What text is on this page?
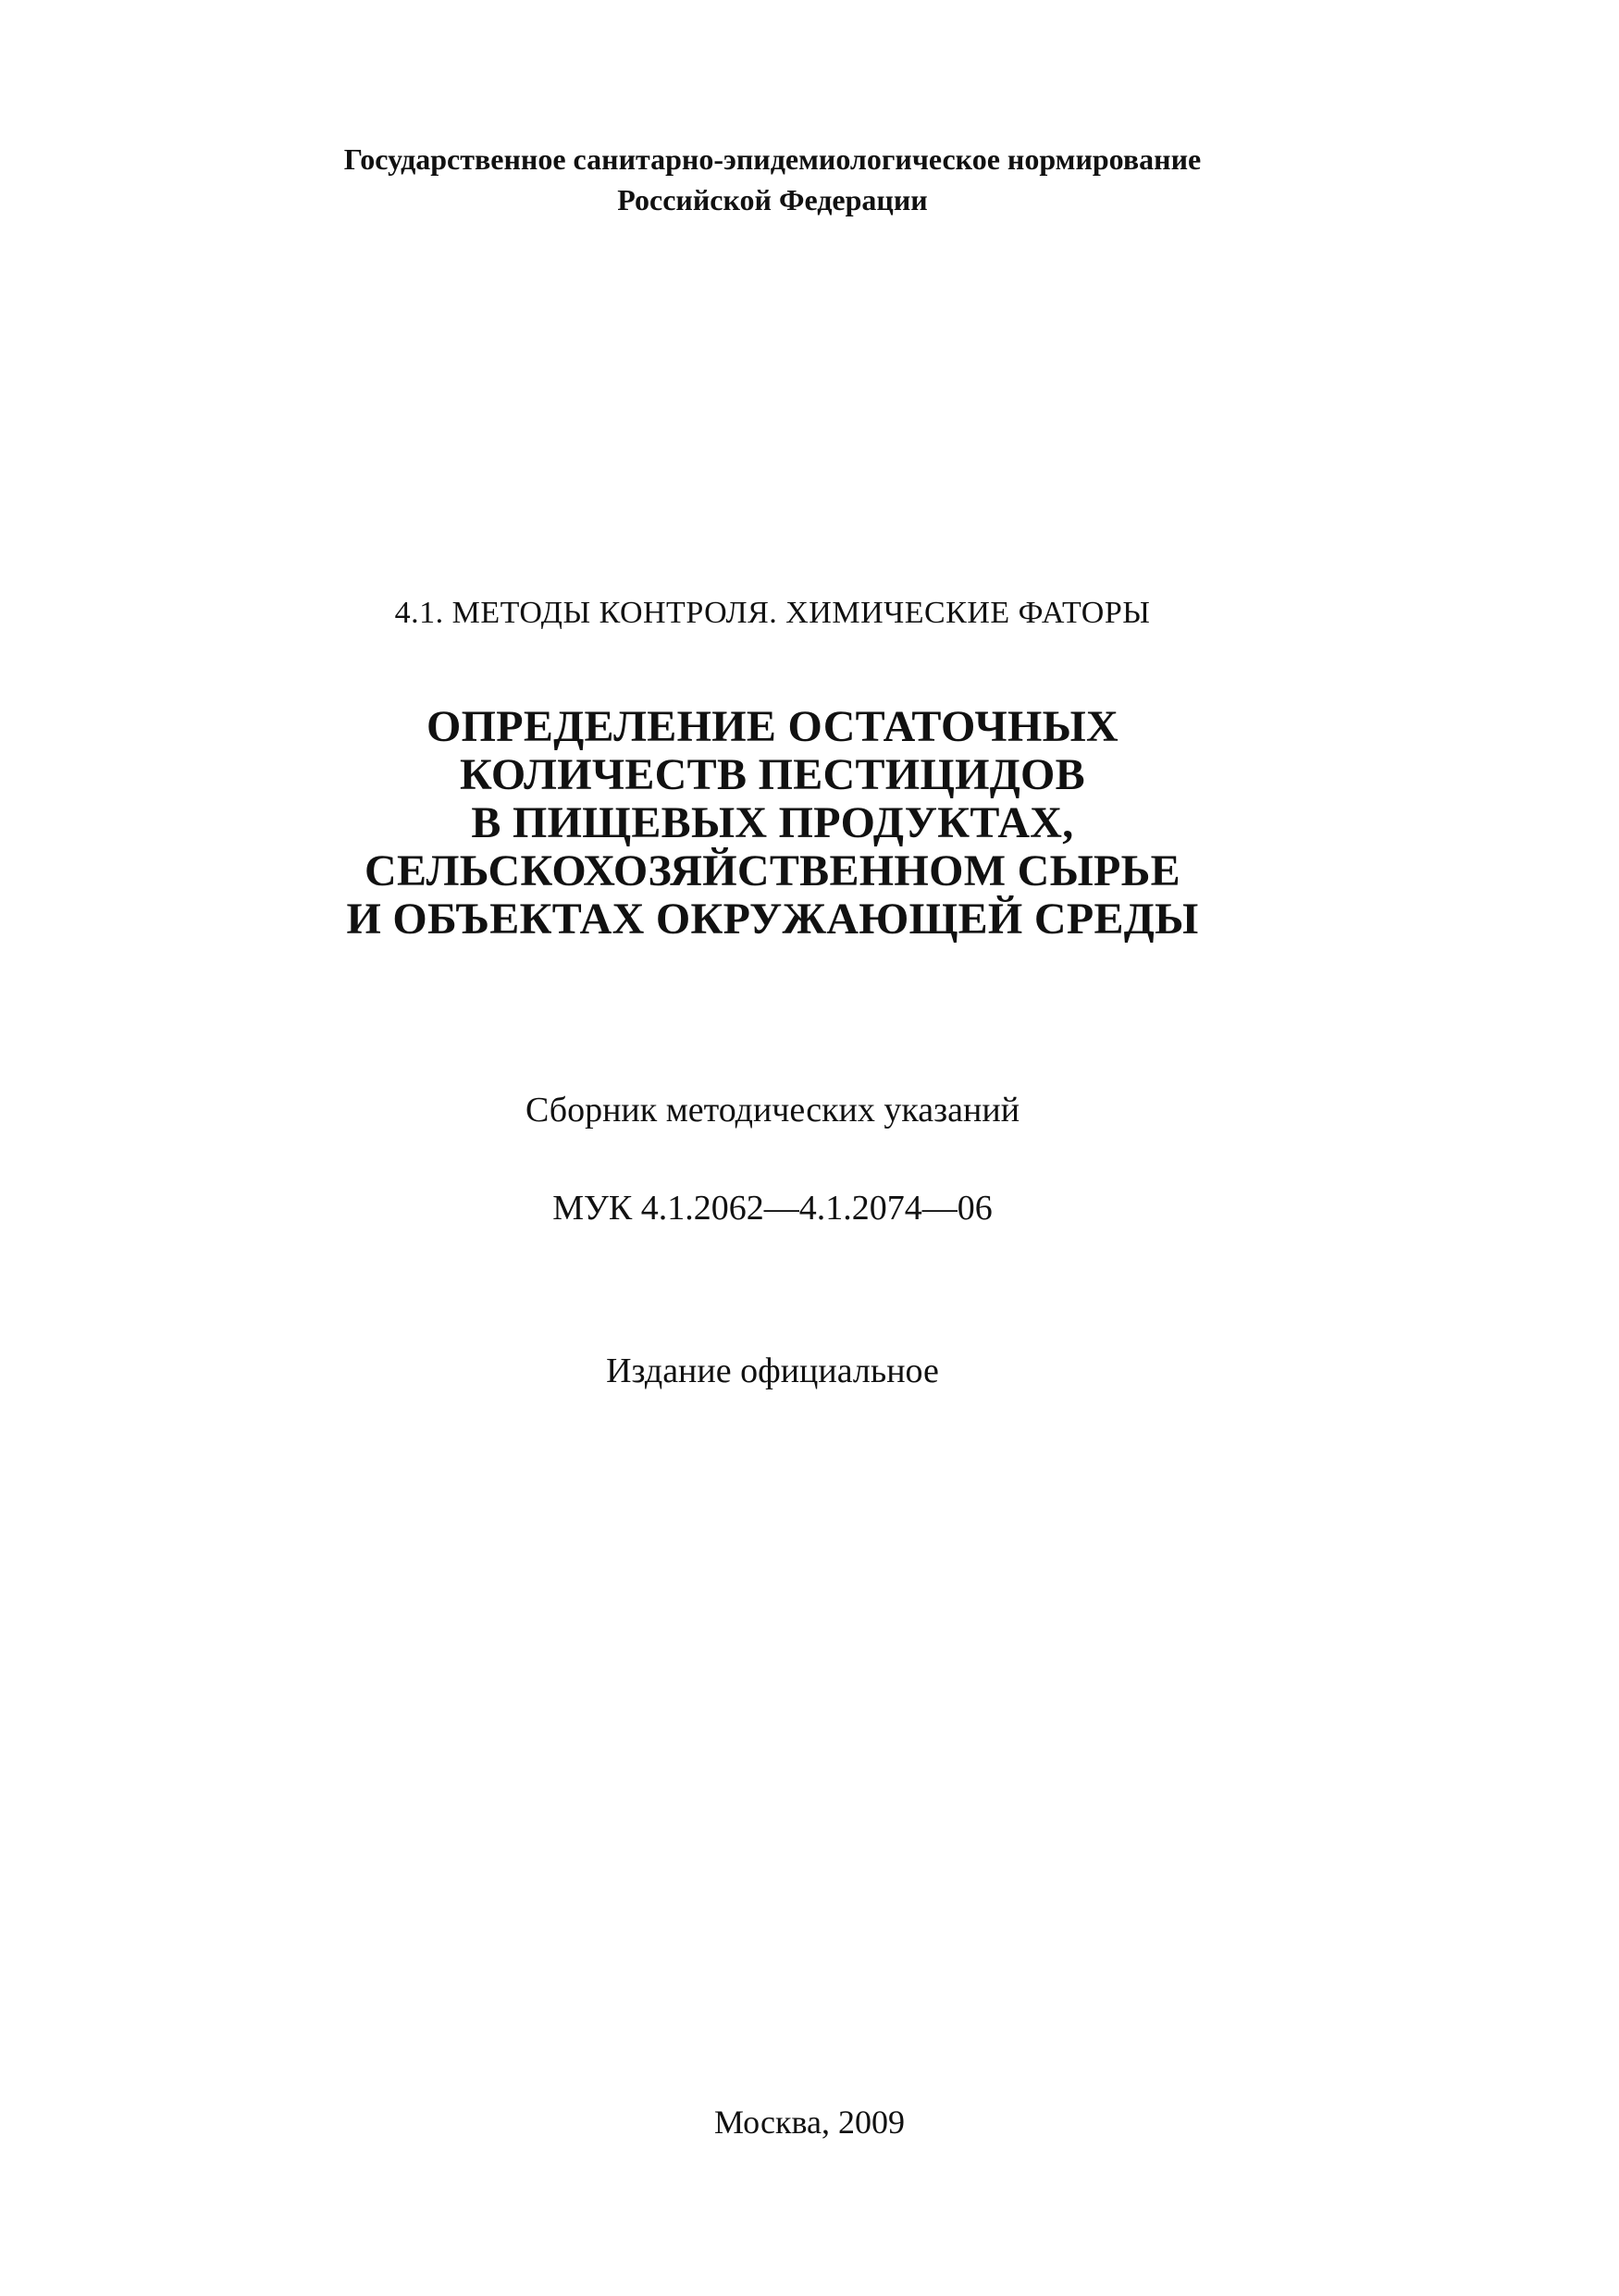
Государственное санитарно-эпидемиологическое нормирование
Российской Федерации

4.1. МЕТОДЫ КОНТРОЛЯ. ХИМИЧЕСКИЕ ФАТОРЫ

ОПРЕДЕЛЕНИЕ ОСТАТОЧНЫХ
КОЛИЧЕСТВ ПЕСТИЦИДОВ
В ПИЩЕВЫХ ПРОДУКТАХ,
СЕЛЬСКОХОЗЯЙСТВЕННОМ СЫРЬЕ
И ОБЪЕКТАХ ОКРУЖАЮЩЕЙ СРЕДЫ

Сборник методических указаний

МУК 4.1.2062—4.1.2074—06

Издание официальное

Москва, 2009
